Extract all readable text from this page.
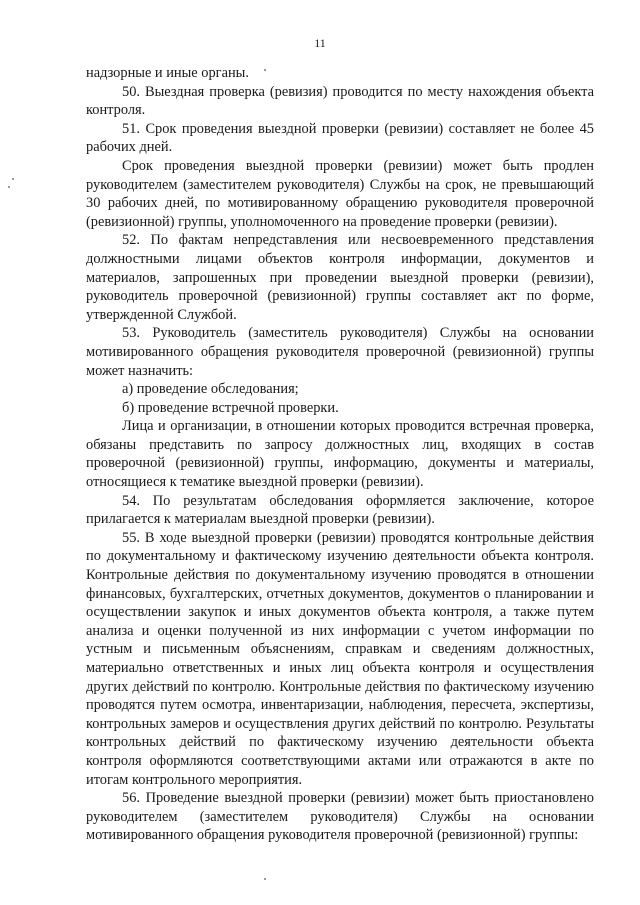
11

надзорные и иные органы.

50. Выездная проверка (ревизия) проводится по месту нахождения объекта контроля.

51. Срок проведения выездной проверки (ревизии) составляет не более 45 рабочих дней.

Срок проведения выездной проверки (ревизии) может быть продлен руководителем (заместителем руководителя) Службы на срок, не превышающий 30 рабочих дней, по мотивированному обращению руководителя проверочной (ревизионной) группы, уполномоченного на проведение проверки (ревизии).

52. По фактам непредставления или несвоевременного представления должностными лицами объектов контроля информации, документов и материалов, запрошенных при проведении выездной проверки (ревизии), руководитель проверочной (ревизионной) группы составляет акт по форме, утвержденной Службой.

53. Руководитель (заместитель руководителя) Службы на основании мотивированного обращения руководителя проверочной (ревизионной) группы может назначить:

а) проведение обследования;

б) проведение встречной проверки.

Лица и организации, в отношении которых проводится встречная проверка, обязаны представить по запросу должностных лиц, входящих в состав проверочной (ревизионной) группы, информацию, документы и материалы, относящиеся к тематике выездной проверки (ревизии).

54. По результатам обследования оформляется заключение, которое прилагается к материалам выездной проверки (ревизии).

55. В ходе выездной проверки (ревизии) проводятся контрольные действия по документальному и фактическому изучению деятельности объекта контроля. Контрольные действия по документальному изучению проводятся в отношении финансовых, бухгалтерских, отчетных документов, документов о планировании и осуществлении закупок и иных документов объекта контроля, а также путем анализа и оценки полученной из них информации с учетом информации по устным и письменным объяснениям, справкам и сведениям должностных, материально ответственных и иных лиц объекта контроля и осуществления других действий по контролю. Контрольные действия по фактическому изучению проводятся путем осмотра, инвентаризации, наблюдения, пересчета, экспертизы, контрольных замеров и осуществления других действий по контролю. Результаты контрольных действий по фактическому изучению деятельности объекта контроля оформляются соответствующими актами или отражаются в акте по итогам контрольного мероприятия.

56. Проведение выездной проверки (ревизии) может быть приостановлено руководителем (заместителем руководителя) Службы на основании мотивированного обращения руководителя проверочной (ревизионной) группы:
